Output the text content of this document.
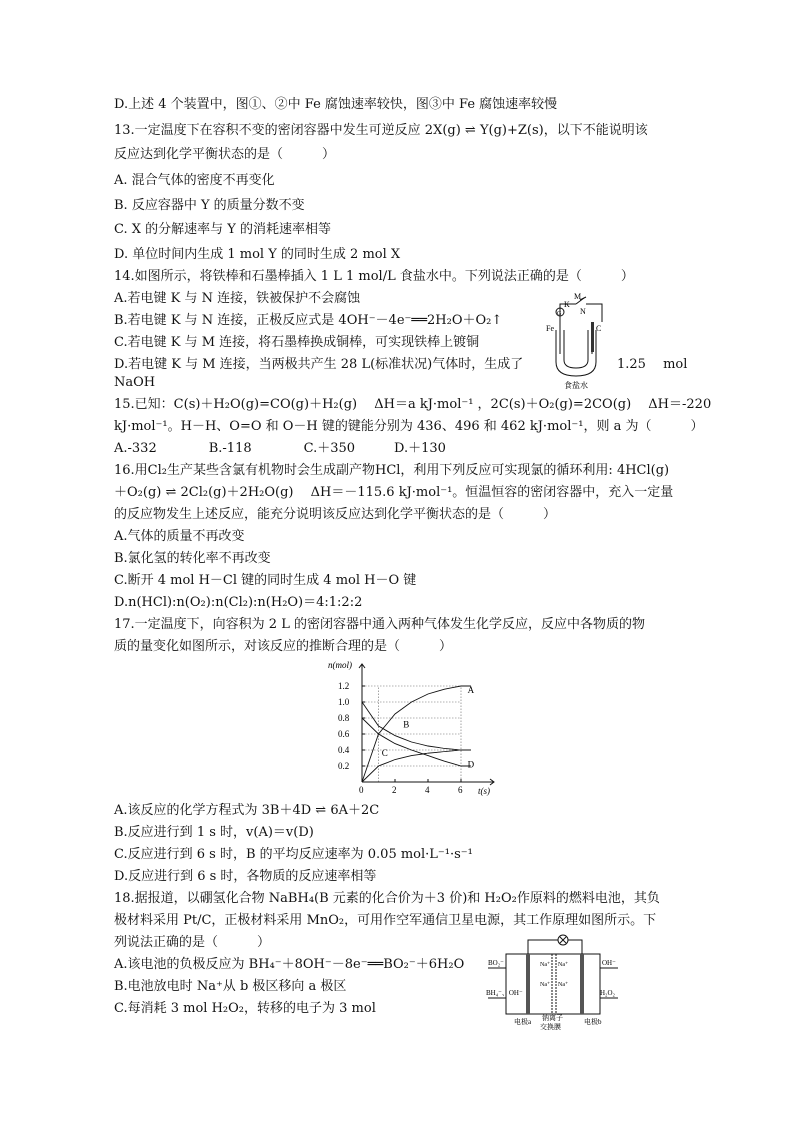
D.上述 4 个装置中，图①、②中 Fe 腐蚀速率较快，图③中 Fe 腐蚀速率较慢
13.一定温度下在容积不变的密闭容器中发生可逆反应 2X(g) ⇌ Y(g)+Z(s)，以下不能说明该
反应达到化学平衡状态的是（　　　）
A. 混合气体的密度不再变化
B. 反应容器中 Y 的质量分数不变
C. X 的分解速率与 Y 的消耗速率相等
D. 单位时间内生成 1 mol Y 的同时生成 2 mol X
14.如图所示，将铁棒和石墨棒插入 1 L 1 mol/L 食盐水中。下列说法正确的是（　　　）
A.若电键 K 与 N 连接，铁被保护不会腐蚀
B.若电键 K 与 N 连接，正极反应式是 4OH⁻－4e⁻══2H₂O＋O₂↑
C.若电键 K 与 M 连接，将石墨棒换成铜棒，可实现铁棒上镀铜
D.若电键 K 与 M 连接，当两极共产生 28 L(标准状况)气体时，生成了	1.25　 mol
NaOH
15.已知：C(s)＋H₂O(g)=CO(g)＋H₂(g)　 ΔH＝a kJ·mol⁻¹ ，2C(s)＋O₂(g)=2CO(g)　 ΔH＝-220
kJ·mol⁻¹。H－H、O=O 和 O－H 键的键能分别为 436、496 和 462 kJ·mol⁻¹，则 a 为（　　　）
A.-332　　　　B.-118　　　　C.＋350　　　D.＋130
16.用Cl₂生产某些含氯有机物时会生成副产物HCl，利用下列反应可实现氯的循环利用: 4HCl(g)
＋O₂(g) ⇌ 2Cl₂(g)＋2H₂O(g)　 ΔH＝－115.6 kJ·mol⁻¹。恒温恒容的密闭容器中，充入一定量
的反应物发生上述反应，能充分说明该反应达到化学平衡状态的是（　　　）
A.气体的质量不再改变
B.氯化氢的转化率不再改变
C.断开 4 mol H－Cl 键的同时生成 4 mol H－O 键
D.n(HCl):n(O₂):n(Cl₂):n(H₂O)＝4:1:2:2
17.一定温度下，向容积为 2 L 的密闭容器中通入两种气体发生化学反应，反应中各物质的物
质的量变化如图所示，对该反应的推断合理的是（　　　）
A.该反应的化学方程式为 3B＋4D ⇌ 6A＋2C
B.反应进行到 1 s 时，v(A)＝v(D)
C.反应进行到 6 s 时，B 的平均反应速率为 0.05 mol·L⁻¹·s⁻¹
D.反应进行到 6 s 时，各物质的反应速率相等
18.据报道，以硼氢化合物 NaBH₄(B 元素的化合价为＋3 价)和 H₂O₂作原料的燃料电池，其负
极材料采用 Pt/C，正极材料采用 MnO₂，可用作空军通信卫星电源，其工作原理如图所示。下
列说法正确的是（　　　）
A.该电池的负极反应为 BH₄⁻＋8OH⁻－8e⁻══BO₂⁻＋6H₂O
B.电池放电时 Na⁺从 b 极区移向 a 极区
C.每消耗 3 mol H₂O₂，转移的电子为 3 mol
M
K
N
G
Fe	C
食盐水
0.2
0.4
0.6
0.8
1.0
1.2
0	2	4	6
A
B
C
D
n(mol)
t(s)
BO₂⁻	OH⁻
BH₄⁻、OH⁻	H₂O₂
Na⁺ Na⁺
Na⁺ Na⁺
电极a 钠离子
交换膜
电极b
